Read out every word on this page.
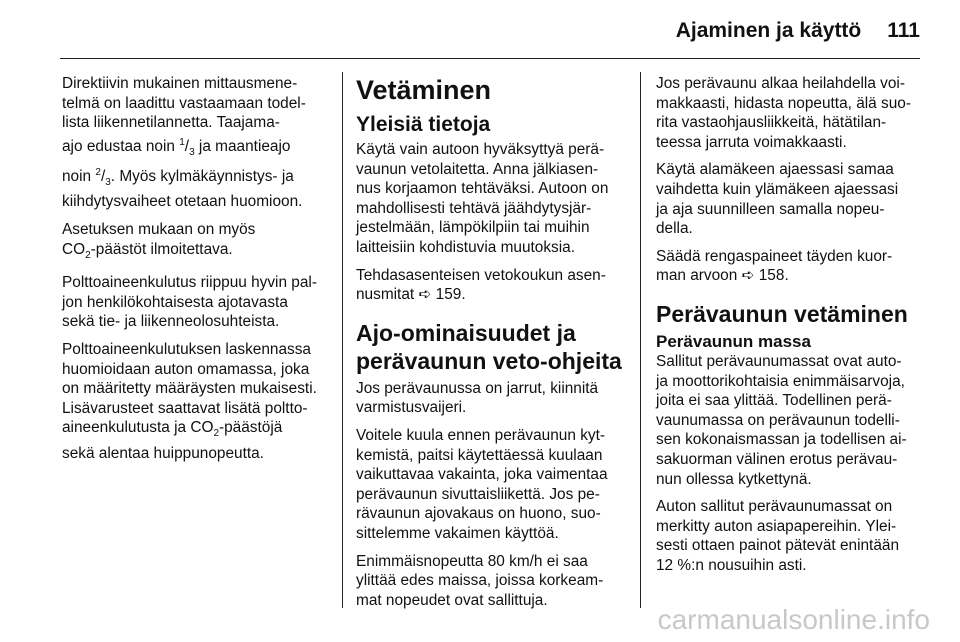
Ajaminen ja käyttö 111

Direktiivin mukainen mittausmene-
telmä on laadittu vastaamaan todel-
lista liikennetilannetta. Taajama-
ajo edustaa noin $^1/_3$ ja maantieajo
noin $^2/_3$. Myös kylmäkäynnistys- ja
kiihdytysvaiheet otetaan huomioon.

Asetuksen mukaan on myös
$CO_2$-päästöt ilmoitettava.

Polttoaineenkulutus riippuu hyvin pal-
jon henkilökohtaisesta ajotavasta
sekä tie- ja liikenneolosuhteista.

Polttoaineenkulutuksen laskennassa
huomioidaan auton omamassa, joka
on määritetty määräysten mukaisesti.
Lisävarusteet saattavat lisätä poltto-
aineenkulutusta ja $CO_2$-päästöjä
sekä alentaa huippunopeutta.

Vetäminen
Yleisiä tietoja

Käytä vain autoon hyväksyttyä perä-
vaunun vetolaitetta. Anna jälkiasen-
nus korjaamon tehtäväksi. Autoon on
mahdollisesti tehtävä jäähdytysjär-
jestelmään, lämpökilpiin tai muihin
laitteisiin kohdistuvia muutoksia.

Tehdasasenteisen vetokoukun asen-
nusmitat ➪ 159.

Ajo-ominaisuudet ja
perävaunun veto-ohjeita

Jos perävaunussa on jarrut, kiinnitä
varmistusvaijeri.

Voitele kuula ennen perävaunun kyt-
kemistä, paitsi käytettäessä kuulaan
vaikuttavaa vakainta, joka vaimentaa
perävaunun sivuttaisliikettä. Jos pe-
rävaunun ajovakaus on huono, suo-
sittelemme vakaimen käyttöä.

Enimmäisnopeutta 80 km/h ei saa
ylittää edes maissa, joissa korkeam-
mat nopeudet ovat sallittuja.

Jos perävaunu alkaa heilahdella voi-
makkaasti, hidasta nopeutta, älä suo-
rita vastaohjausliikkeitä, hätätilan-
teessa jarruta voimakkaasti.

Käytä alamäkeen ajaessasi samaa
vaihdetta kuin ylämäkeen ajaessasi
ja aja suunnilleen samalla nopeu-
della.

Säädä rengaspaineet täyden kuor-
man arvoon ➪ 158.

Perävaunun vetäminen
Perävaunun massa

Sallitut perävaunumassat ovat auto-
ja moottorikohtaisia enimmäisarvoja,
joita ei saa ylittää. Todellinen perä-
vaunumassa on perävaunun todelli-
sen kokonaismassan ja todellisen ai-
sakuorman välinen erotus perävau-
nun ollessa kytkettynä.

Auton sallitut perävaunumassat on
merkitty auton asiapapereihin. Ylei-
sesti ottaen painot pätevät enintään
12 %:n nousuihin asti.

carmanualsonline.info
